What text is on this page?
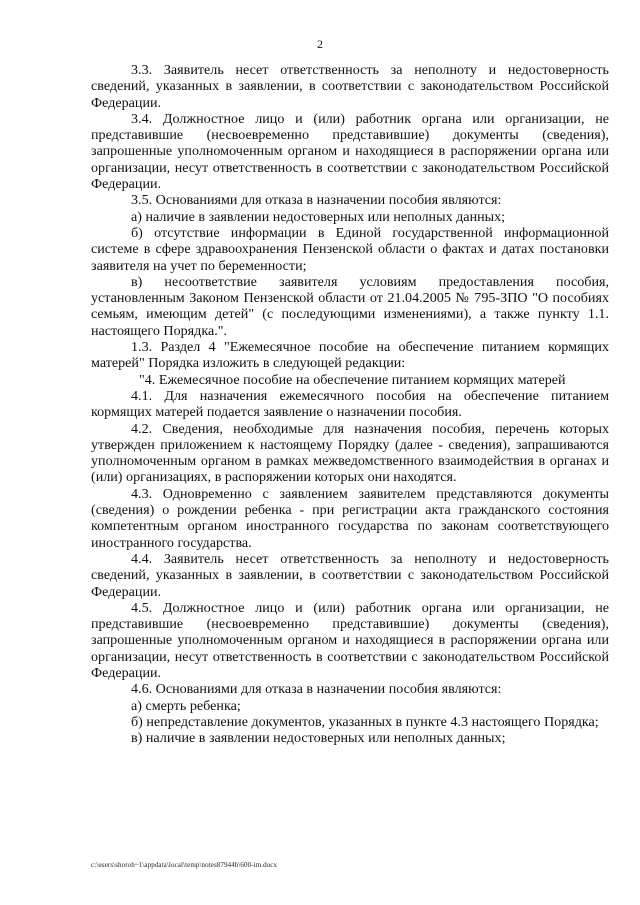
2

3.3. Заявитель несет ответственность за неполноту и недостоверность сведений, указанных в заявлении, в соответствии с законодательством Российской Федерации.

3.4. Должностное лицо и (или) работник органа или организации, не представившие (несвоевременно представившие) документы (сведения), запрошенные уполномоченным органом и находящиеся в распоряжении органа или организации, несут ответственность в соответствии с законодательством Российской Федерации.

3.5. Основаниями для отказа в назначении пособия являются:

а) наличие в заявлении недостоверных или неполных данных;

б) отсутствие информации в Единой государственной информационной системе в сфере здравоохранения Пензенской области о фактах и датах постановки заявителя на учет по беременности;

в) несоответствие заявителя условиям предоставления пособия, установленным Законом Пензенской области от 21.04.2005 № 795-ЗПО "О пособиях семьям, имеющим детей" (с последующими изменениями), а также пункту 1.1. настоящего Порядка.".

1.3. Раздел 4 "Ежемесячное пособие на обеспечение питанием кормящих матерей" Порядка изложить в следующей редакции:

"4. Ежемесячное пособие на обеспечение питанием кормящих матерей

4.1. Для назначения ежемесячного пособия на обеспечение питанием кормящих матерей подается заявление о назначении пособия.

4.2. Сведения, необходимые для назначения пособия, перечень которых утвержден приложением к настоящему Порядку (далее - сведения), запрашиваются уполномоченным органом в рамках межведомственного взаимодействия в органах и (или) организациях, в распоряжении которых они находятся.

4.3. Одновременно с заявлением заявителем представляются документы (сведения) о рождении ребенка - при регистрации акта гражданского состояния компетентным органом иностранного государства по законам соответствующего иностранного государства.

4.4. Заявитель несет ответственность за неполноту и недостоверность сведений, указанных в заявлении, в соответствии с законодательством Российской Федерации.

4.5. Должностное лицо и (или) работник органа или организации, не представившие (несвоевременно представившие) документы (сведения), запрошенные уполномоченным органом и находящиеся в распоряжении органа или организации, несут ответственность в соответствии с законодательством Российской Федерации.

4.6. Основаниями для отказа в назначении пособия являются:

а) смерть ребенка;

б) непредставление документов, указанных в пункте 4.3 настоящего Порядка;

в) наличие в заявлении недостоверных или неполных данных;

c:\users\shoroh~1\appdata\local\temp\notes87944b\600-im.docx
